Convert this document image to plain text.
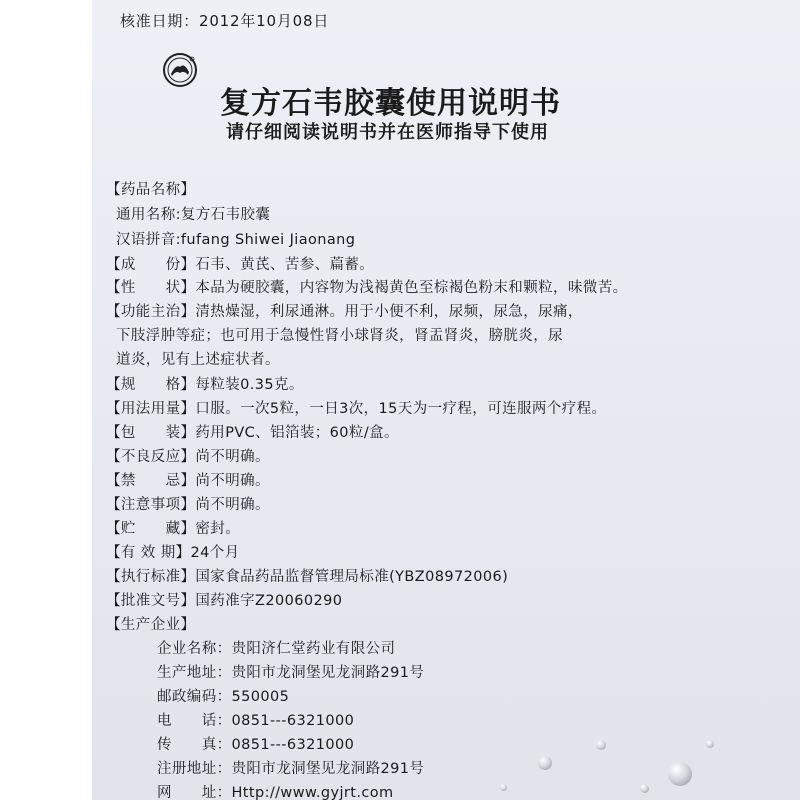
核准日期：2012年10月08日
复方石韦胶囊使用说明书
请仔细阅读说明书并在医师指导下使用
【药品名称】
通用名称:复方石韦胶囊
汉语拼音:fufang Shiwei Jiaonang
【成　　份】石韦、黄芪、苦参、萹蓄。
【性　　状】本品为硬胶囊，内容物为浅褐黄色至棕褐色粉末和颗粒，味微苦。
【功能主治】清热燥湿，利尿通淋。用于小便不利，尿频，尿急，尿痛，
下肢浮肿等症；也可用于急慢性肾小球肾炎，肾盂肾炎，膀胱炎，尿
道炎，见有上述症状者。
【规　　格】每粒装0.35克。
【用法用量】口服。一次5粒，一日3次，15天为一疗程，可连服两个疗程。
【包　　装】药用PVC、铝箔装；60粒/盒。
【不良反应】尚不明确。
【禁　　忌】尚不明确。
【注意事项】尚不明确。
【贮　　藏】密封。
【有 效 期】24个月
【执行标准】国家食品药品监督管理局标准(YBZ08972006)
【批准文号】国药准字Z20060290
【生产企业】
企业名称：贵阳济仁堂药业有限公司
生产地址：贵阳市龙洞堡见龙洞路291号
邮政编码：550005
电　　话：0851---6321000
传　　真：0851---6321000
注册地址：贵阳市龙洞堡见龙洞路291号
网　　址：Http://www.gyjrt.com
